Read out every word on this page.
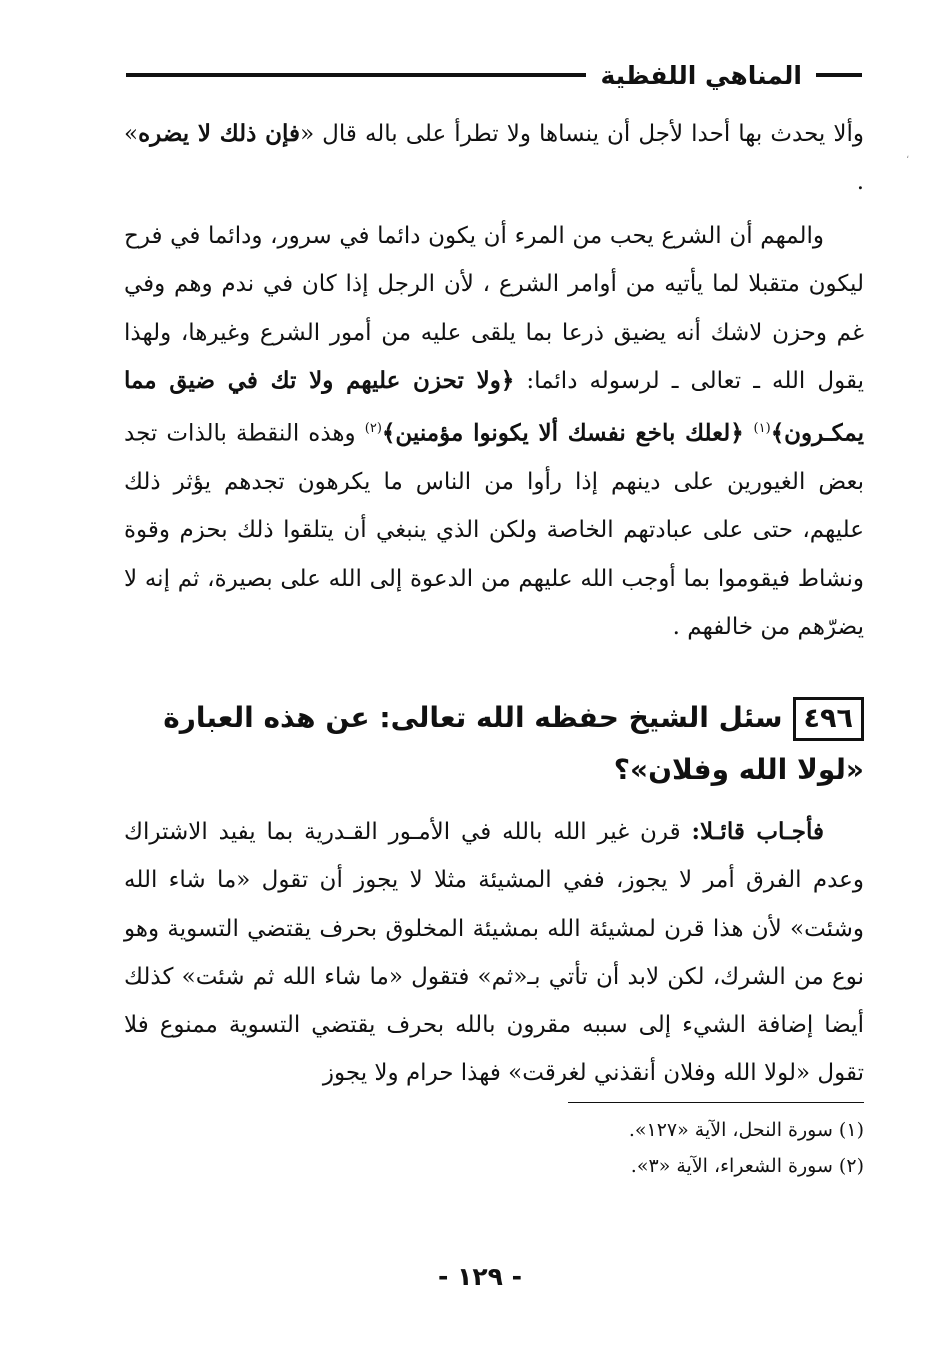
المناهي اللفظية
،
وألا يحدث بها أحدا لأجل أن ينساها ولا تطرأ على باله قال «فإن ذلك لا يضره» .
والمهم أن الشرع يحب من المرء أن يكون دائما في سرور، ودائما في فرح ليكون متقبلا لما يأتيه من أوامر الشرع ، لأن الرجل إذا كان في ندم وهم وفي غم وحزن لاشك أنه يضيق ذرعا بما يلقى عليه من أمور الشرع وغيرها، ولهذا يقول الله ـ تعالى ـ لرسوله دائما: ﴿ولا تحزن عليهم ولا تك في ضيق مما يمكـرون﴾$^{(١)}$ ﴿لعلك باخع نفسك ألا يكونوا مؤمنين﴾$^{(٢)}$ وهذه النقطة بالذات تجد بعض الغيورين على دينهم إذا رأوا من الناس ما يكرهون تجدهم يؤثر ذلك عليهم، حتى على عبادتهم الخاصة ولكن الذي ينبغي أن يتلقوا ذلك بحزم وقوة ونشاط فيقوموا بما أوجب الله عليهم من الدعوة إلى الله على بصيرة، ثم إنه لا يضرّهم من خالفهم .
٤٩٦سئل الشيخ حفظه الله تعالى: عن هذه العبارة «لولا الله وفلان»؟
فأجـاب قائـلا: قرن غير الله بالله في الأمـور القـدرية بما يفيد الاشتراك وعدم الفرق أمر لا يجوز، ففي المشيئة مثلا لا يجوز أن تقول «ما شاء الله وشئت» لأن هذا قرن لمشيئة الله بمشيئة المخلوق بحرف يقتضي التسوية وهو نوع من الشرك، لكن لابد أن تأتي بـ«ثم» فتقول «ما شاء الله ثم شئت» كذلك أيضا إضافة الشيء إلى سببه مقرون بالله بحرف يقتضي التسوية ممنوع فلا تقول «لولا الله وفلان أنقذني لغرقت» فهذا حرام ولا يجوز
(١) سورة النحل، الآية «١٢٧».
(٢) سورة الشعراء، الآية «٣».
- ١٢٩ -
